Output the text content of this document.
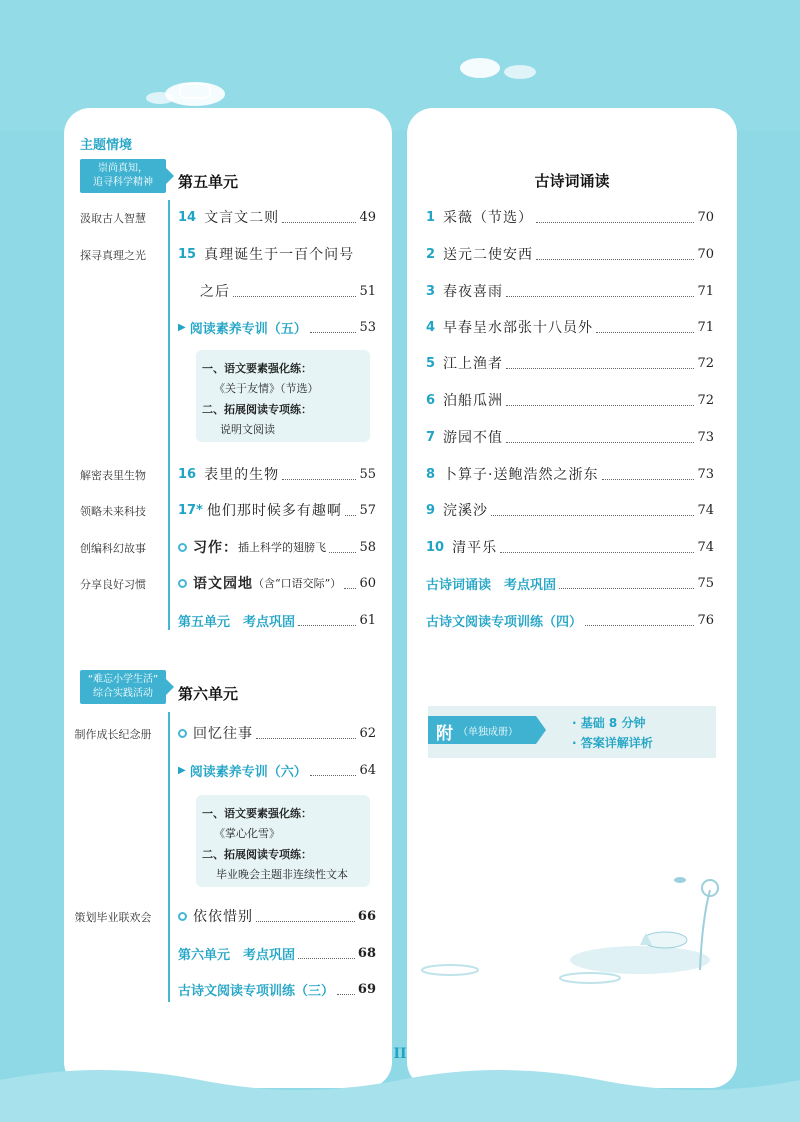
主题情境
崇尚真知，
追寻科学精神	第五单元
汲取古人智慧	14 文言文二则	49
探寻真理之光	15 真理诞生于一百个问号
之后	51
▶ 阅读素养专训（五）	53
一、语文要素强化练：
《关于友情》（节选）
二、拓展阅读专项练：
说明文阅读
解密表里生物	16 表里的生物	55
领略未来科技	17* 他们那时候多有趣啊 57
创编科幻故事	习作： 插上科学的翅膀飞	58
分享良好习惯	语文园地 （含“口语交际”） 60
第五单元　考点巩固	61
“难忘小学生活”
综合实践活动	第六单元
制作成长纪念册	回忆往事	62
▶ 阅读素养专训（六）	64
一、语文要素强化练：
《掌心化雪》
二、拓展阅读专项练：
毕业晚会主题非连续性文本
策划毕业联欢会	依依惜别	66
第六单元　考点巩固	68
古诗文阅读专项训练（三） 69
古诗词诵读
1 采薇（节选）	70
2 送元二使安西	70
3 春夜喜雨	71
4 早春呈水部张十八员外	71
5 江上渔者	72
6 泊船瓜洲	72
7 游园不值	73
8 卜算子·送鲍浩然之浙东	73
9 浣溪沙	74
10 清平乐	74
古诗词诵读　考点巩固	75
古诗文阅读专项训练（四）	76
附 （单独成册）
· 基础 8 分钟
· 答案详解详析
II
